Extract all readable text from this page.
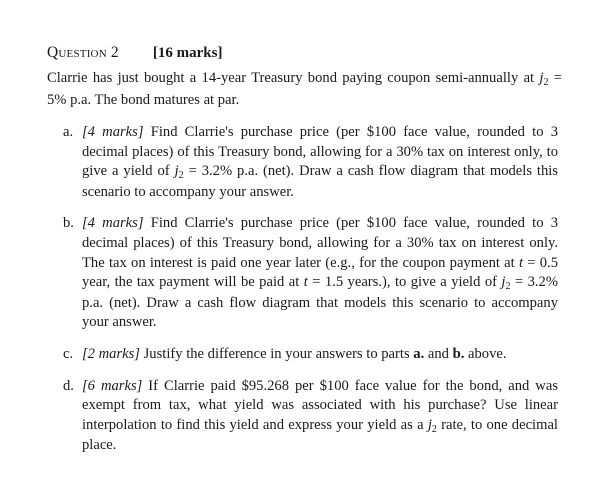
Question 2 [16 marks]
Clarrie has just bought a 14-year Treasury bond paying coupon semi-annually at $j_2 = 5\%$ p.a. The bond matures at par.
a. [4 marks] Find Clarrie's purchase price (per $100 face value, rounded to 3 decimal places) of this Treasury bond, allowing for a 30% tax on interest only, to give a yield of $j_2 = 3.2\%$ p.a. (net). Draw a cash flow diagram that models this scenario to accompany your answer.
b. [4 marks] Find Clarrie's purchase price (per $100 face value, rounded to 3 decimal places) of this Treasury bond, allowing for a 30% tax on interest only. The tax on interest is paid one year later (e.g., for the coupon payment at t = 0.5 year, the tax payment will be paid at t = 1.5 years.), to give a yield of $j_2 = 3.2\%$ p.a. (net). Draw a cash flow diagram that models this scenario to accompany your answer.
c. [2 marks] Justify the difference in your answers to parts a. and b. above.
d. [6 marks] If Clarrie paid $95.268 per $100 face value for the bond, and was exempt from tax, what yield was associated with his purchase? Use linear interpolation to find this yield and express your yield as a $j_2$ rate, to one decimal place.
